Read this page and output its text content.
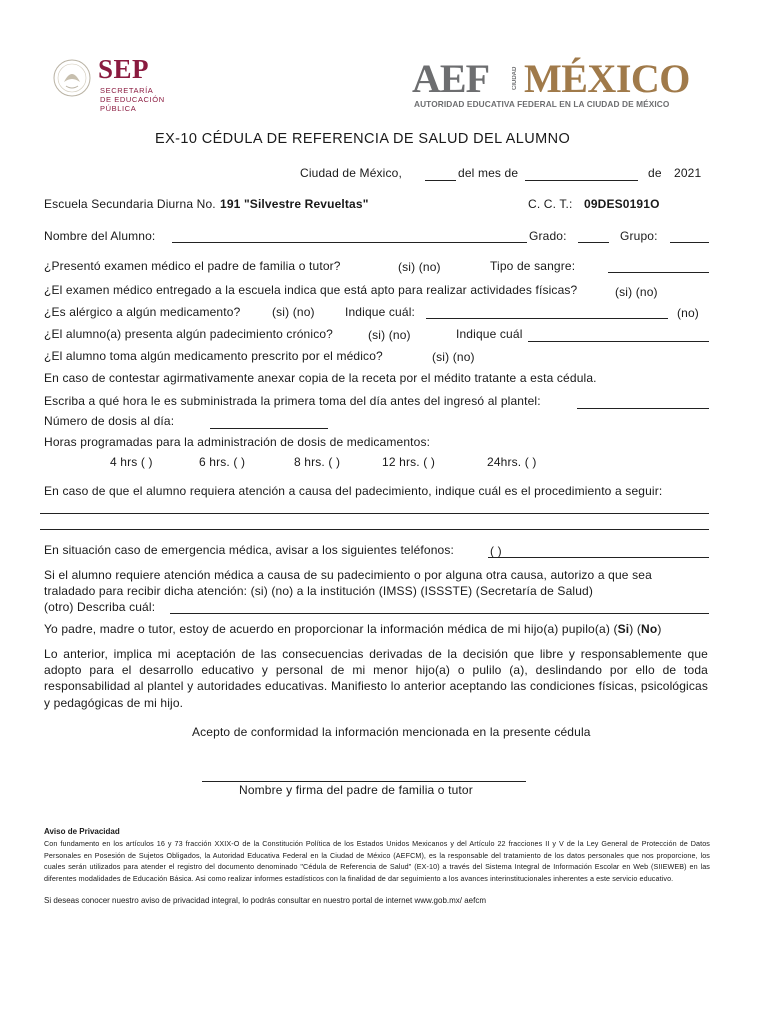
SEP
SECRETARÍA
DE EDUCACIÓN
PÚBLICA
AEF	CIUDAD MÉXICO
AUTORIDAD EDUCATIVA FEDERAL EN LA CIUDAD DE MÉXICO
EX-10 CÉDULA DE REFERENCIA DE SALUD DEL ALUMNO
Ciudad de México,	del mes de	de 2021
Escuela Secundaria Diurna No. 191 "Silvestre Revueltas"	C. C. T.: 09DES0191O
Nombre del Alumno:	Grado:	Grupo:
¿Presentó examen médico el padre de familia o tutor?	(si) (no)	Tipo de sangre:
¿El examen médico entregado a la escuela indica que está apto para realizar actividades físicas?	(si) (no)
¿Es alérgico a algún medicamento?	(si) (no)	Indique cuál:	(no)
¿El alumno(a) presenta algún padecimiento crónico?	(si) (no)	Indique cuál
¿El alumno toma algún medicamento prescrito por el médico?	(si) (no)
En caso de contestar agirmativamente anexar copia de la receta por el médito tratante a esta cédula.
Escriba a qué hora le es subministrada la primera toma del día antes del ingresó al plantel:
Número de dosis al día:
Horas programadas para la administración de dosis de medicamentos:
4 hrs ( )	6 hrs. ( )	8 hrs. ( )	12 hrs. ( )	24hrs. ( )
En caso de que el alumno requiera atención a causa del padecimiento, indique cuál es el procedimiento a seguir:
En situación caso de emergencia médica, avisar a los siguientes teléfonos:	( )
Si el alumno requiere atención médica a causa de su padecimiento o por alguna otra causa, autorizo a que sea
traladado para recibir dicha atención: (si) (no) a la institución (IMSS) (ISSSTE) (Secretaría de Salud)
(otro) Describa cuál:
Yo padre, madre o tutor, estoy de acuerdo en proporcionar la información médica de mi hijo(a) pupilo(a) (Si) (No)
Lo anterior, implica mi aceptación de las consecuencias derivadas de la decisión que libre y responsablemente que adopto para el desarrollo educativo y personal de mi menor hijo(a) o pulilo (a), deslindando por ello de toda responsabilidad al plantel y autoridades educativas. Manifiesto lo anterior aceptando las condiciones físicas, psicológicas y pedagógicas de mi hijo.
Acepto de conformidad la información mencionada en la presente cédula
Nombre y firma del padre de familia o tutor
Aviso de Privacidad
Con fundamento en los artículos 16 y 73 fracción XXIX-O de la Constitución Política de los Estados Unidos Mexicanos y del Artículo 22 fracciones II y V de la Ley General de Protección de Datos Personales en Posesión de Sujetos Obligados, la Autoridad Educativa Federal en la Ciudad de México (AEFCM), es la responsable del tratamiento de los datos personales que nos proporcione, los cuales serán utilizados para atender el registro del documento denominado "Cédula de Referencia de Salud" (EX-10) a través del Sistema Integral de Información Escolar en Web (SIIEWEB) en las diferentes modalidades de Educación Básica. Asi como realizar informes estadísticos con la finalidad de dar seguimiento a los avances interinstitucionales inherentes a este servicio educativo.
Si deseas conocer nuestro aviso de privacidad integral, lo podrás consultar en nuestro portal de internet www.gob.mx/ aefcm
